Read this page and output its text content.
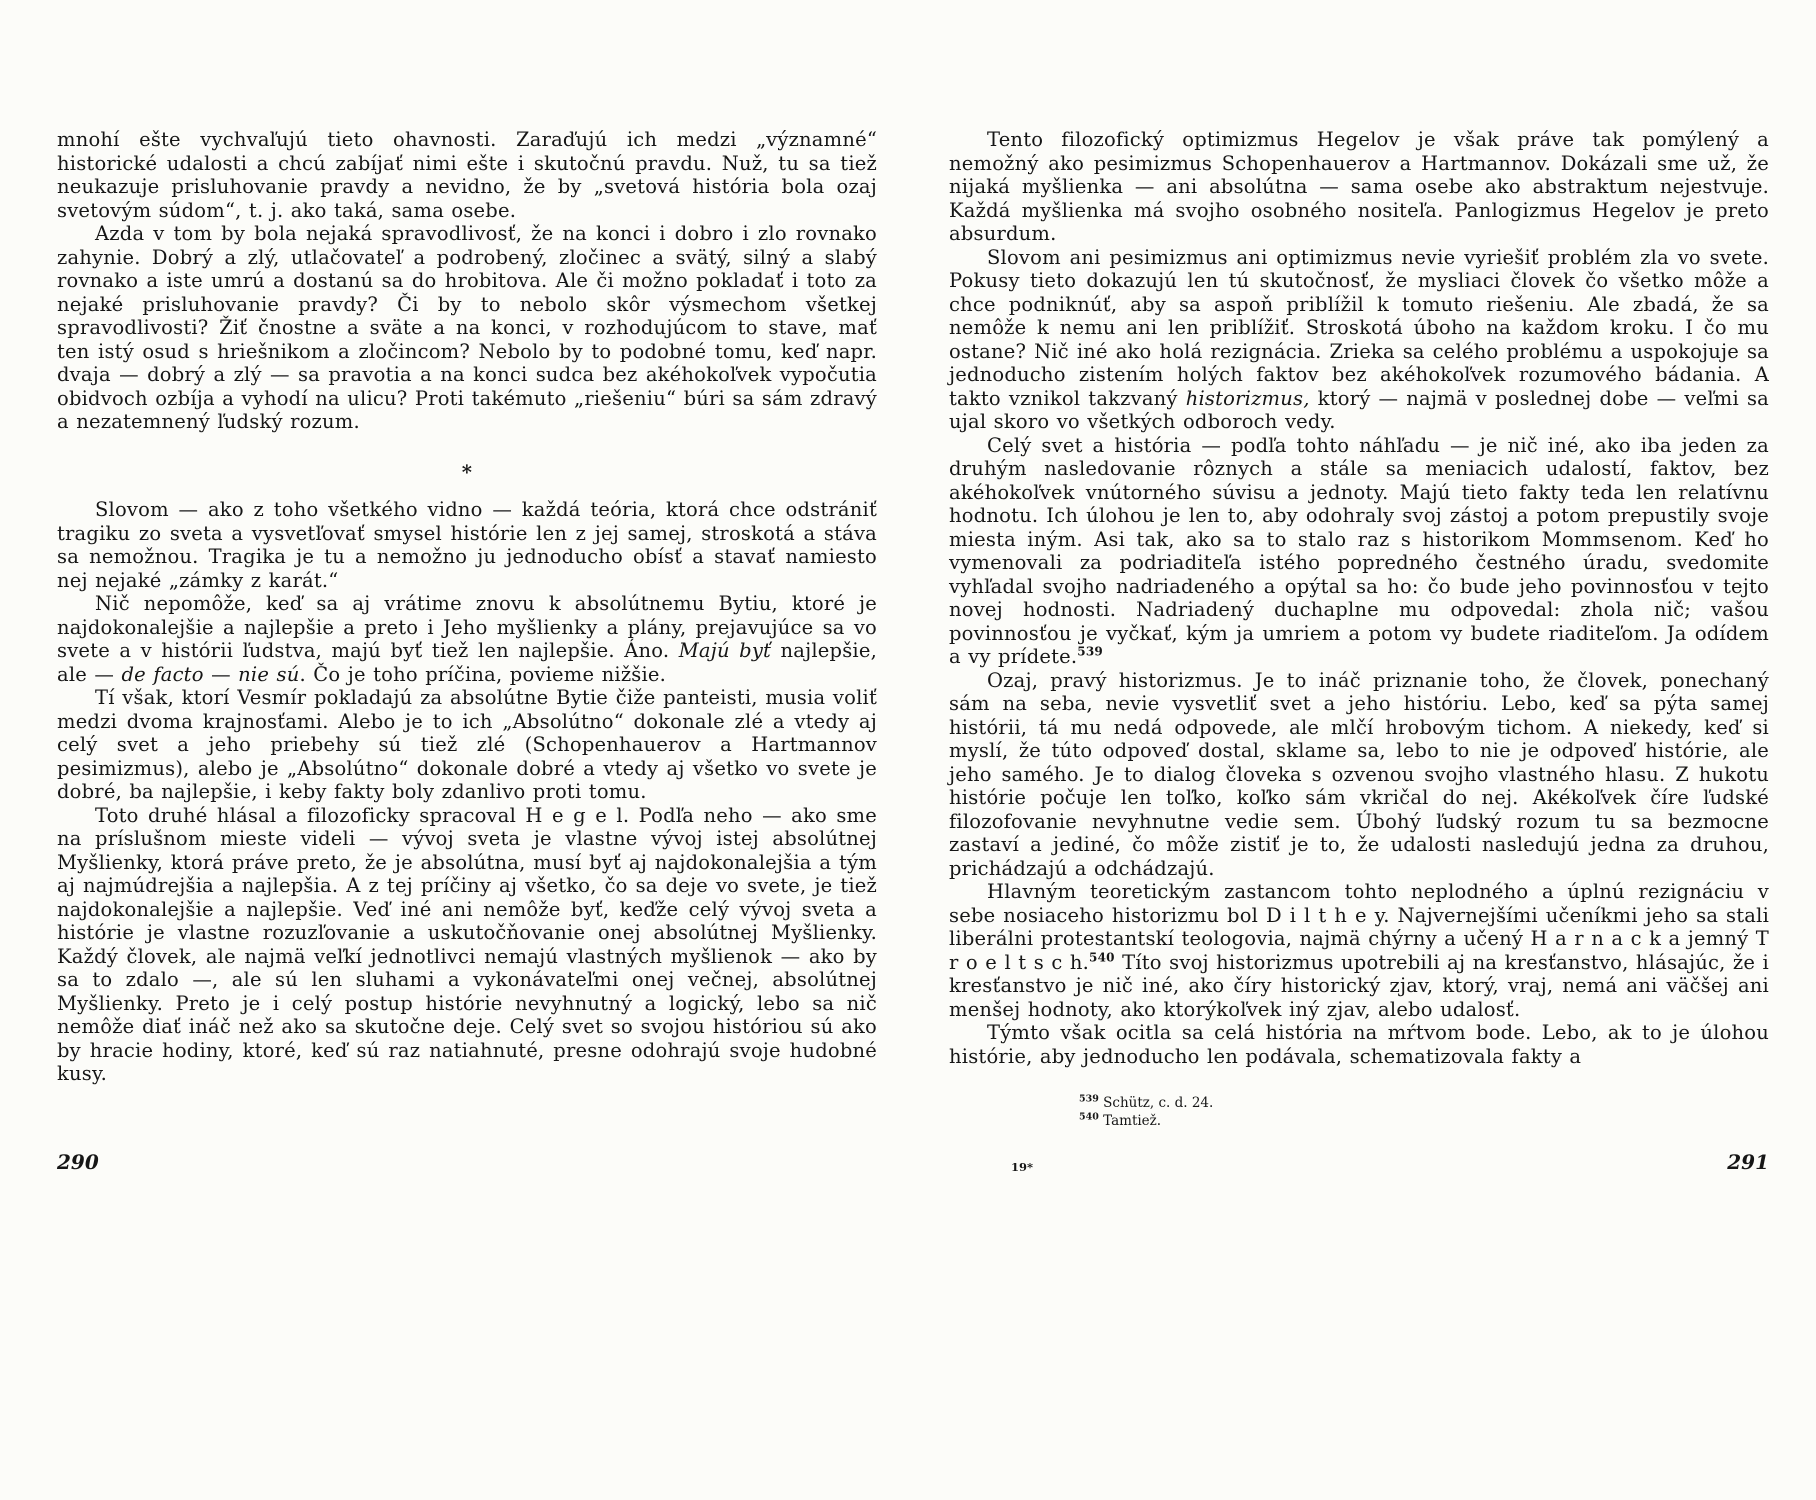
mnohí ešte vychvaľujú tieto ohavnosti. Zaraďujú ich medzi „významné“ historické udalosti a chcú zabíjať nimi ešte i skutočnú pravdu. Nuž, tu sa tiež neukazuje prisluhovanie pravdy a nevidno, že by „svetová história bola ozaj svetovým súdom“, t. j. ako taká, sama osebe.

Azda v tom by bola nejaká spravodlivosť, že na konci i dobro i zlo rovnako zahynie. Dobrý a zlý, utlačovateľ a podrobený, zločinec a svätý, silný a slabý rovnako a iste umrú a dostanú sa do hrobitova. Ale či možno pokladať i toto za nejaké prisluhovanie pravdy? Či by to nebolo skôr výsmechom všetkej spravodlivosti? Žiť čnostne a sväte a na konci, v rozhodujúcom to stave, mať ten istý osud s hriešnikom a zločincom? Nebolo by to podobné tomu, keď napr. dvaja — dobrý a zlý — sa pravotia a na konci sudca bez akéhokoľvek vypočutia obidvoch ozbíja a vyhodí na ulicu? Proti takémuto „riešeniu“ búri sa sám zdravý a nezatemnený ľudský rozum.

*

Slovom — ako z toho všetkého vidno — každá teória, ktorá chce odstrániť tragiku zo sveta a vysvetľovať smysel histórie len z jej samej, stroskotá a stáva sa nemožnou. Tragika je tu a nemožno ju jednoducho obísť a stavať namiesto nej nejaké „zámky z karát.“

Nič nepomôže, keď sa aj vrátime znovu k absolútnemu Bytiu, ktoré je najdokonalejšie a najlepšie a preto i Jeho myšlienky a plány, prejavujúce sa vo svete a v histórii ľudstva, majú byť tiež len najlepšie. Áno. Majú byť najlepšie, ale — de facto — nie sú. Čo je toho príčina, povieme nižšie.

Tí však, ktorí Vesmír pokladajú za absolútne Bytie čiže panteisti, musia voliť medzi dvoma krajnosťami. Alebo je to ich „Absolútno“ dokonale zlé a vtedy aj celý svet a jeho priebehy sú tiež zlé (Schopenhauerov a Hartmannov pesimizmus), alebo je „Absolútno“ dokonale dobré a vtedy aj všetko vo svete je dobré, ba najlepšie, i keby fakty boly zdanlivo proti tomu.

Toto druhé hlásal a filozoficky spracoval H e g e l. Podľa neho — ako sme na príslušnom mieste videli — vývoj sveta je vlastne vývoj istej absolútnej Myšlienky, ktorá práve preto, že je absolútna, musí byť aj najdokonalejšia a tým aj najmúdrejšia a najlepšia. A z tej príčiny aj všetko, čo sa deje vo svete, je tiež najdokonalejšie a najlepšie. Veď iné ani nemôže byť, keďže celý vývoj sveta a histórie je vlastne rozuzľovanie a uskutočňovanie onej absolútnej Myšlienky. Každý človek, ale najmä veľkí jednotlivci nemajú vlastných myšlienok — ako by sa to zdalo —, ale sú len sluhami a vykonávateľmi onej večnej, absolútnej Myšlienky. Preto je i celý postup histórie nevyhnutný a logický, lebo sa nič nemôže diať ináč než ako sa skutočne deje. Celý svet so svojou históriou sú ako by hracie hodiny, ktoré, keď sú raz natiahnuté, presne odohrajú svoje hudobné kusy.

290

Tento filozofický optimizmus Hegelov je však práve tak pomýlený a nemožný ako pesimizmus Schopenhauerov a Hartmannov. Dokázali sme už, že nijaká myšlienka — ani absolútna — sama osebe ako abstraktum nejestvuje. Každá myšlienka má svojho osobného nositeľa. Panlogizmus Hegelov je preto absurdum.

Slovom ani pesimizmus ani optimizmus nevie vyriešiť problém zla vo svete. Pokusy tieto dokazujú len tú skutočnosť, že mysliaci človek čo všetko môže a chce podniknúť, aby sa aspoň priblížil k tomuto riešeniu. Ale zbadá, že sa nemôže k nemu ani len priblížiť. Stroskotá úboho na každom kroku. I čo mu ostane? Nič iné ako holá rezignácia. Zrieka sa celého problému a uspokojuje sa jednoducho zistením holých faktov bez akéhokoľvek rozumového bádania. A takto vznikol takzvaný historizmus, ktorý — najmä v poslednej dobe — veľmi sa ujal skoro vo všetkých odboroch vedy.

Celý svet a história — podľa tohto náhľadu — je nič iné, ako iba jeden za druhým nasledovanie rôznych a stále sa meniacich udalostí, faktov, bez akéhokoľvek vnútorného súvisu a jednoty. Majú tieto fakty teda len relatívnu hodnotu. Ich úlohou je len to, aby odohraly svoj zástoj a potom prepustily svoje miesta iným. Asi tak, ako sa to stalo raz s historikom Mommsenom. Keď ho vymenovali za podriaditeľa istého popredného čestného úradu, svedomite vyhľadal svojho nadriadeného a opýtal sa ho: čo bude jeho povinnosťou v tejto novej hodnosti. Nadriadený duchaplne mu odpovedal: zhola nič; vašou povinnosťou je vyčkať, kým ja umriem a potom vy budete riaditeľom. Ja odídem a vy prídete.$^{539}$

Ozaj, pravý historizmus. Je to ináč priznanie toho, že človek, ponechaný sám na seba, nevie vysvetliť svet a jeho históriu. Lebo, keď sa pýta samej histórii, tá mu nedá odpovede, ale mlčí hrobovým tichom. A niekedy, keď si myslí, že túto odpoveď dostal, sklame sa, lebo to nie je odpoveď histórie, ale jeho samého. Je to dialog človeka s ozvenou svojho vlastného hlasu. Z hukotu histórie počuje len toľko, koľko sám vkričal do nej. Akékoľvek číre ľudské filozofovanie nevyhnutne vedie sem. Úbohý ľudský rozum tu sa bezmocne zastaví a jediné, čo môže zistiť je to, že udalosti nasledujú jedna za druhou, prichádzajú a odchádzajú.

Hlavným teoretickým zastancom tohto neplodného a úplnú rezignáciu v sebe nosiaceho historizmu bol D i l t h e y. Najvernejšími učeníkmi jeho sa stali liberálni protestantskí teologovia, najmä chýrny a učený H a r n a c k a jemný T r o e l t s c h.$^{540}$ Títo svoj historizmus upotrebili aj na kresťanstvo, hlásajúc, že i kresťanstvo je nič iné, ako číry historický zjav, ktorý, vraj, nemá ani väčšej ani menšej hodnoty, ako ktorýkoľvek iný zjav, alebo udalosť.

Týmto však ocitla sa celá história na mŕtvom bode. Lebo, ak to je úlohou histórie, aby jednoducho len podávala, schematizovala fakty a

$^{539}$ Schütz, c. d. 24.

$^{540}$ Tamtiež.

19*	291
